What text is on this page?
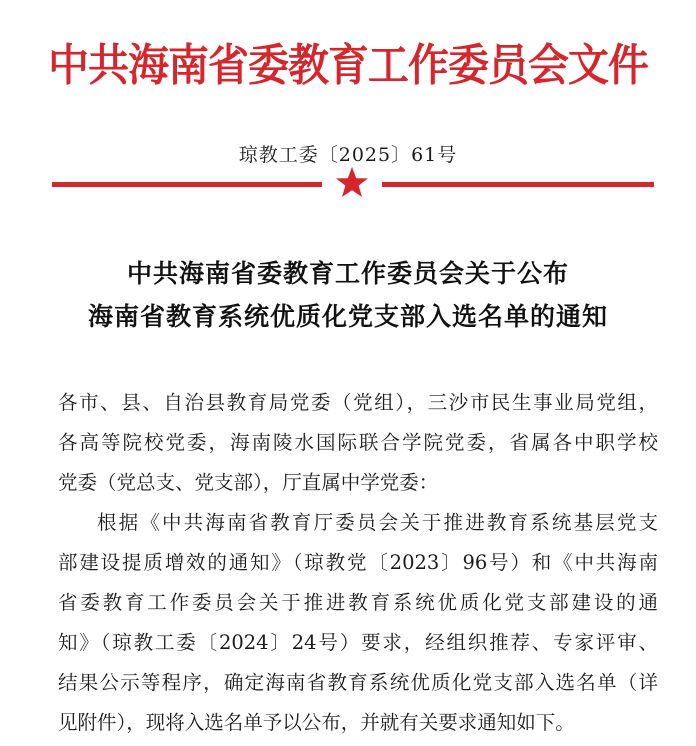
中共海南省委教育工作委员会文件
琼教工委〔2025〕61号
中共海南省委教育工作委员会关于公布
海南省教育系统优质化党支部入选名单的通知

各市、县、自治县教育局党委（党组），三沙市民生事业局党组，

各高等院校党委，海南陵水国际联合学院党委，省属各中职学校

党委（党总支、党支部），厅直属中学党委：

根据《中共海南省教育厅委员会关于推进教育系统基层党支

部建设提质增效的通知》（琼教党〔2023〕96号）和《中共海南

省委教育工作委员会关于推进教育系统优质化党支部建设的通

知》（琼教工委〔2024〕24号）要求，经组织推荐、专家评审、

结果公示等程序，确定海南省教育系统优质化党支部入选名单（详

见附件），现将入选名单予以公布，并就有关要求通知如下。
